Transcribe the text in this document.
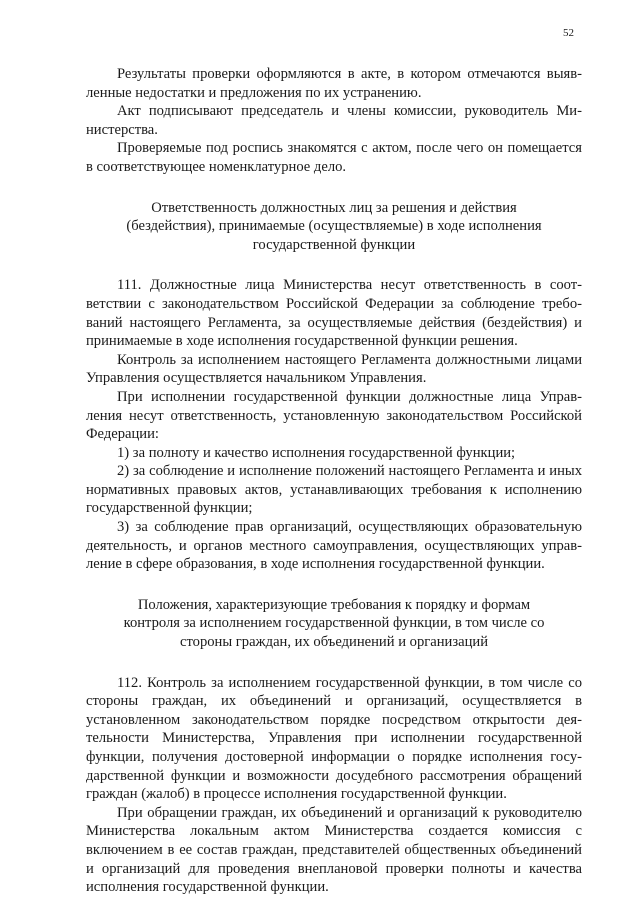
52

Результаты проверки оформляются в акте, в котором отмечаются выявленные недостатки и предложения по их устранению.

Акт подписывают председатель и члены комиссии, руководитель Министерства.

Проверяемые под роспись знакомятся с актом, после чего он помещается в соответствующее номенклатурное дело.

Ответственность должностных лиц за решения и действия (бездействия), принимаемые (осуществляемые) в ходе исполнения государственной функции

111. Должностные лица Министерства несут ответственность в соответствии с законодательством Российской Федерации за соблюдение требований настоящего Регламента, за осуществляемые действия (бездействия) и принимаемые в ходе исполнения государственной функции решения.

Контроль за исполнением настоящего Регламента должностными лицами Управления осуществляется начальником Управления.

При исполнении государственной функции должностные лица Управления несут ответственность, установленную законодательством Российской Федерации:

1) за полноту и качество исполнения государственной функции;

2) за соблюдение и исполнение положений настоящего Регламента и иных нормативных правовых актов, устанавливающих требования к исполнению государственной функции;

3) за соблюдение прав организаций, осуществляющих образовательную деятельность, и органов местного самоуправления, осуществляющих управление в сфере образования, в ходе исполнения государственной функции.

Положения, характеризующие требования к порядку и формам контроля за исполнением государственной функции, в том числе со стороны граждан, их объединений и организаций

112. Контроль за исполнением государственной функции, в том числе со стороны граждан, их объединений и организаций, осуществляется в установленном законодательством порядке посредством открытости деятельности Министерства, Управления при исполнении государственной функции, получения достоверной информации о порядке исполнения государственной функции и возможности досудебного рассмотрения обращений граждан (жалоб) в процессе исполнения государственной функции.

При обращении граждан, их объединений и организаций к руководителю Министерства локальным актом Министерства создается комиссия с включением в ее состав граждан, представителей общественных объединений и организаций для проведения внеплановой проверки полноты и качества исполнения государственной функции.
